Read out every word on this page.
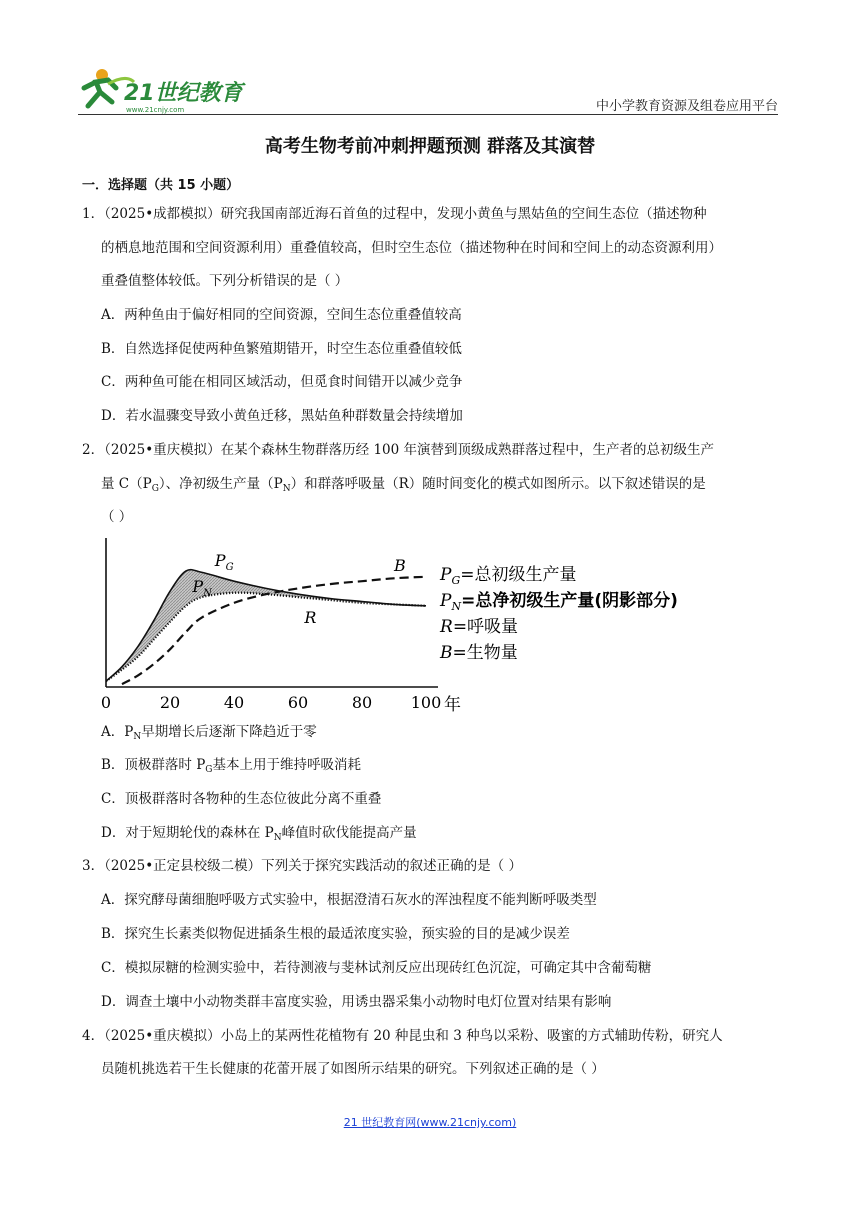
21世纪教育
www.21cnjy.com	中小学教育资源及组卷应用平台
高考生物考前冲刺押题预测 群落及其演替
一．选择题（共 15 小题）
1．（2025•成都模拟）研究我国南部近海石首鱼的过程中，发现小黄鱼与黑姑鱼的空间生态位（描述物种
的栖息地范围和空间资源利用）重叠值较高，但时空生态位（描述物种在时间和空间上的动态资源利用）
重叠值整体较低。下列分析错误的是（ ）
A．两种鱼由于偏好相同的空间资源，空间生态位重叠值较高
B．自然选择促使两种鱼繁殖期错开，时空生态位重叠值较低
C．两种鱼可能在相同区域活动，但觅食时间错开以减少竞争
D．若水温骤变导致小黄鱼迁移，黑姑鱼种群数量会持续增加
2．（2025•重庆模拟）在某个森林生物群落历经 100 年演替到顶级成熟群落过程中，生产者的总初级生产
量 $C(P_G)$、净初级生产量$(P_N)$和群落呼吸量（R）随时间变化的模式如图所示。以下叙述错误的是
（ ）
0	20	40	60	80 100 年
$P_G$
$P_N$
R
B $P_G=$总初级生产量
$P_N=$总净初级生产量(阴影部分)
R=呼吸量
B=生物量
A．$P_N$早期增长后逐渐下降趋近于零
B．顶极群落时 $P_G$基本上用于维持呼吸消耗
C．顶极群落时各物种的生态位彼此分离不重叠
D．对于短期轮伐的森林在 $P_N$峰值时砍伐能提高产量
3．（2025•正定县校级二模）下列关于探究实践活动的叙述正确的是（ ）
A．探究酵母菌细胞呼吸方式实验中，根据澄清石灰水的浑浊程度不能判断呼吸类型
B．探究生长素类似物促进插条生根的最适浓度实验，预实验的目的是减少误差
C．模拟尿糖的检测实验中，若待测液与斐林试剂反应出现砖红色沉淀，可确定其中含葡萄糖
D．调查土壤中小动物类群丰富度实验，用诱虫器采集小动物时电灯位置对结果有影响
4．（2025•重庆模拟）小岛上的某两性花植物有 20 种昆虫和 3 种鸟以采粉、吸蜜的方式辅助传粉，研究人
员随机挑选若干生长健康的花蕾开展了如图所示结果的研究。下列叙述正确的是（ ）
21 世纪教育网(www.21cnjy.com)
